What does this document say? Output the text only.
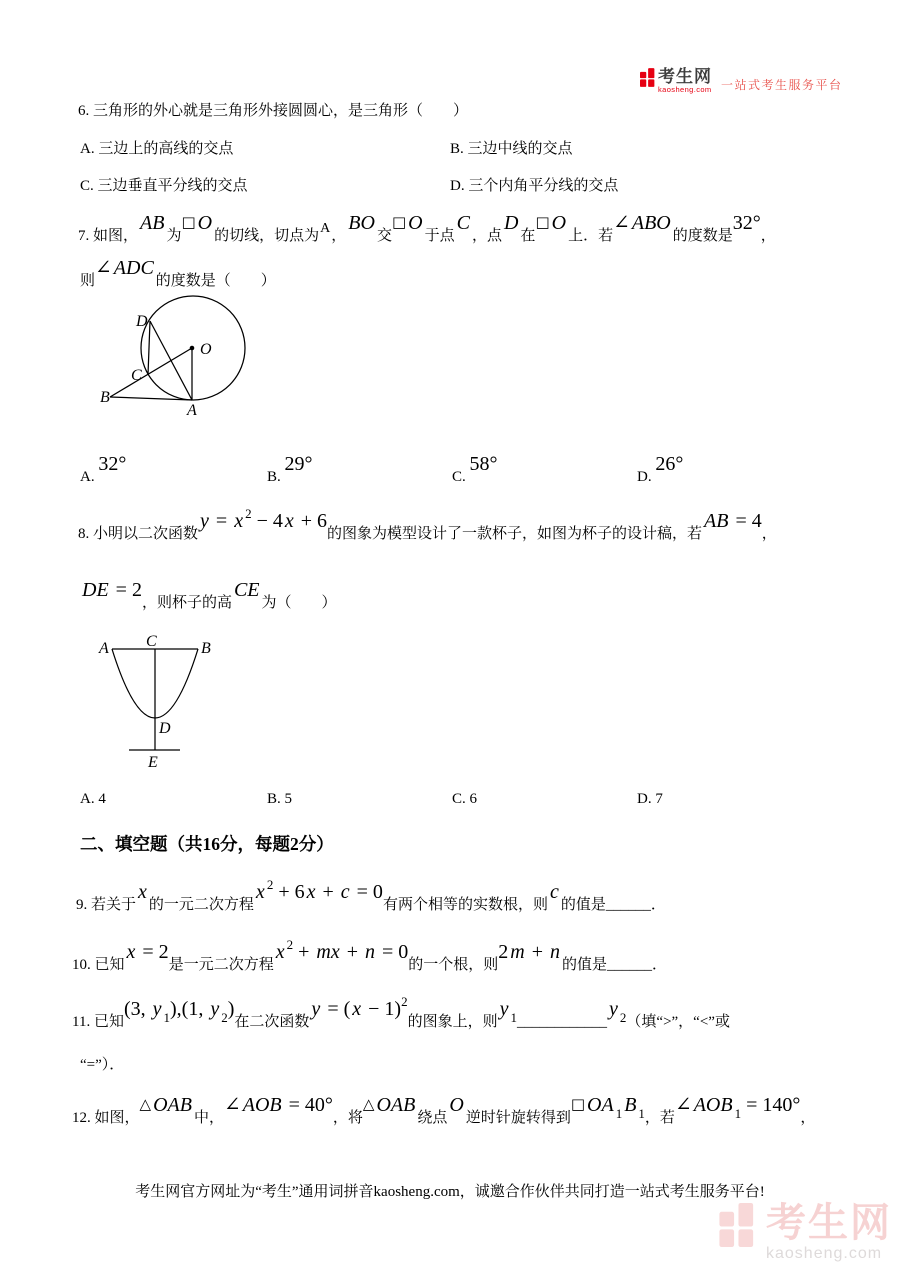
考生网
kaosheng.com 一站式考生服务平台
6. 三角形的外心就是三角形外接圆圆心，是三角形（　　）
A. 三边上的高线的交点	B. 三边中线的交点
C. 三边垂直平分线的交点	D. 三个内角平分线的交点
7. 如图，AB为□ O的切线，切点为A，BO交□ O于点C，点D在□ O上．若∠ ABO的度数是32°，
则∠ ADC的度数是（　　）
D
C
B
A
O
A. 32°
B. 29°
C. 58°
D. 26°
8. 小明以二次函数y = x 2 − 4 x + 6的图象为模型设计了一款杯子，如图为杯子的设计稿，若AB = 4，
DE = 2，则杯子的高CE为（　　）
A C	B
D
E
A. 4	B. 5	C. 6	D. 7
二、填空题（共16分，每题2分）
9. 若关于x的一元二次方程x 2 + 6 x + c = 0有两个相等的实数根，则c的值是______．
10. 已知x = 2是一元二次方程x 2 + mx + n = 0的一个根，则2 m + n的值是______．
11. 已知(3, y 1),(1, y 2)在二次函数y = ( x − 1)2的图象上，则y 1____________y 2（填“>”，“<”或
“=”）．
12. 如图，△ OAB中，∠ AOB = 40°，将△ OAB绕点O逆时针旋转得到□ OA 1 B 1，若∠ AOB 1 = 140°，
考生网官方网址为“考生”通用词拼音kaosheng.com，诚邀合作伙伴共同打造一站式考生服务平台!
考生网
kaosheng.com
